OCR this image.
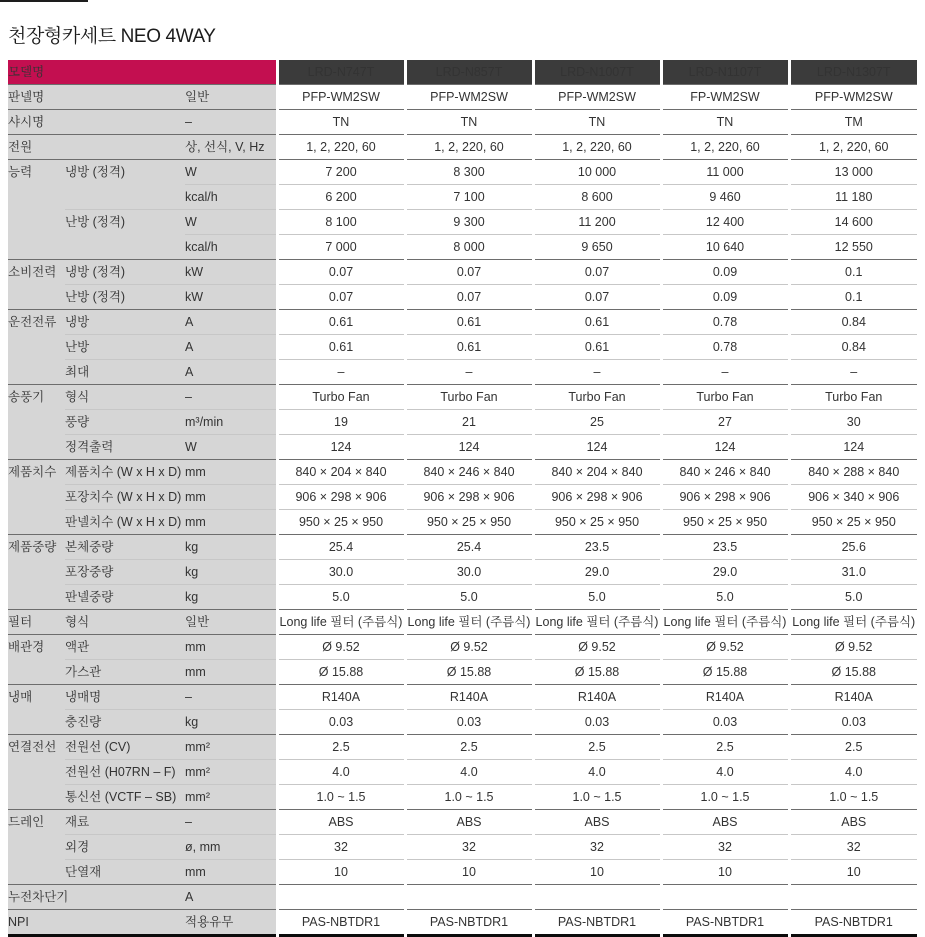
천장형카세트 NEO 4WAY
모델명			LRD-N747T	LRD-N857T	LRD-N1007T	LRD-N1107T	LRD-N1307T
판넬명		일반	PFP-WM2SW	PFP-WM2SW	PFP-WM2SW	FP-WM2SW	PFP-WM2SW
샤시명		–	TN	TN	TN	TN	TM
전원		상, 선식, V, Hz	1, 2, 220, 60	1, 2, 220, 60	1, 2, 220, 60	1, 2, 220, 60	1, 2, 220, 60
능력	냉방 (정격)	W	7 200	8 300	10 000	11 000	13 000
		kcal/h	6 200	7 100	8 600	9 460	11 180
	난방 (정격)	W	8 100	9 300	11 200	12 400	14 600
		kcal/h	7 000	8 000	9 650	10 640	12 550
소비전력	냉방 (정격)	kW	0.07	0.07	0.07	0.09	0.1
	난방 (정격)	kW	0.07	0.07	0.07	0.09	0.1
운전전류	냉방	A	0.61	0.61	0.61	0.78	0.84
	난방	A	0.61	0.61	0.61	0.78	0.84
	최대	A	–	–	–	–	–
송풍기	형식	–	Turbo Fan	Turbo Fan	Turbo Fan	Turbo Fan	Turbo Fan
	풍량	m³/min	19	21	25	27	30
	정격출력	W	124	124	124	124	124
제품치수	제품치수 (W x H x D)	mm	840 × 204 × 840	840 × 246 × 840	840 × 204 × 840	840 × 246 × 840	840 × 288 × 840
	포장치수 (W x H x D)	mm	906 × 298 × 906	906 × 298 × 906	906 × 298 × 906	906 × 298 × 906	906 × 340 × 906
	판넬치수 (W x H x D)	mm	950 × 25 × 950	950 × 25 × 950	950 × 25 × 950	950 × 25 × 950	950 × 25 × 950
제품중량	본체중량	kg	25.4	25.4	23.5	23.5	25.6
	포장중량	kg	30.0	30.0	29.0	29.0	31.0
	판넬중량	kg	5.0	5.0	5.0	5.0	5.0
필터	형식	일반	Long life 필터 (주름식)	Long life 필터 (주름식)	Long life 필터 (주름식)	Long life 필터 (주름식)	Long life 필터 (주름식)
배관경	액관	mm	Ø 9.52	Ø 9.52	Ø 9.52	Ø 9.52	Ø 9.52
	가스관	mm	Ø 15.88	Ø 15.88	Ø 15.88	Ø 15.88	Ø 15.88
냉매	냉매명	–	R140A	R140A	R140A	R140A	R140A
	충진량	kg	0.03	0.03	0.03	0.03	0.03
연결전선	전원선 (CV)	mm²	2.5	2.5	2.5	2.5	2.5
	전원선 (H07RN – F)	mm²	4.0	4.0	4.0	4.0	4.0
	통신선 (VCTF – SB)	mm²	1.0 ~ 1.5	1.0 ~ 1.5	1.0 ~ 1.5	1.0 ~ 1.5	1.0 ~ 1.5
드레인	재료	–	ABS	ABS	ABS	ABS	ABS
	외경	ø, mm	32	32	32	32	32
	단열재	mm	10	10	10	10	10
누전차단기		A					
NPI		적용유무	PAS-NBTDR1	PAS-NBTDR1	PAS-NBTDR1	PAS-NBTDR1	PAS-NBTDR1
